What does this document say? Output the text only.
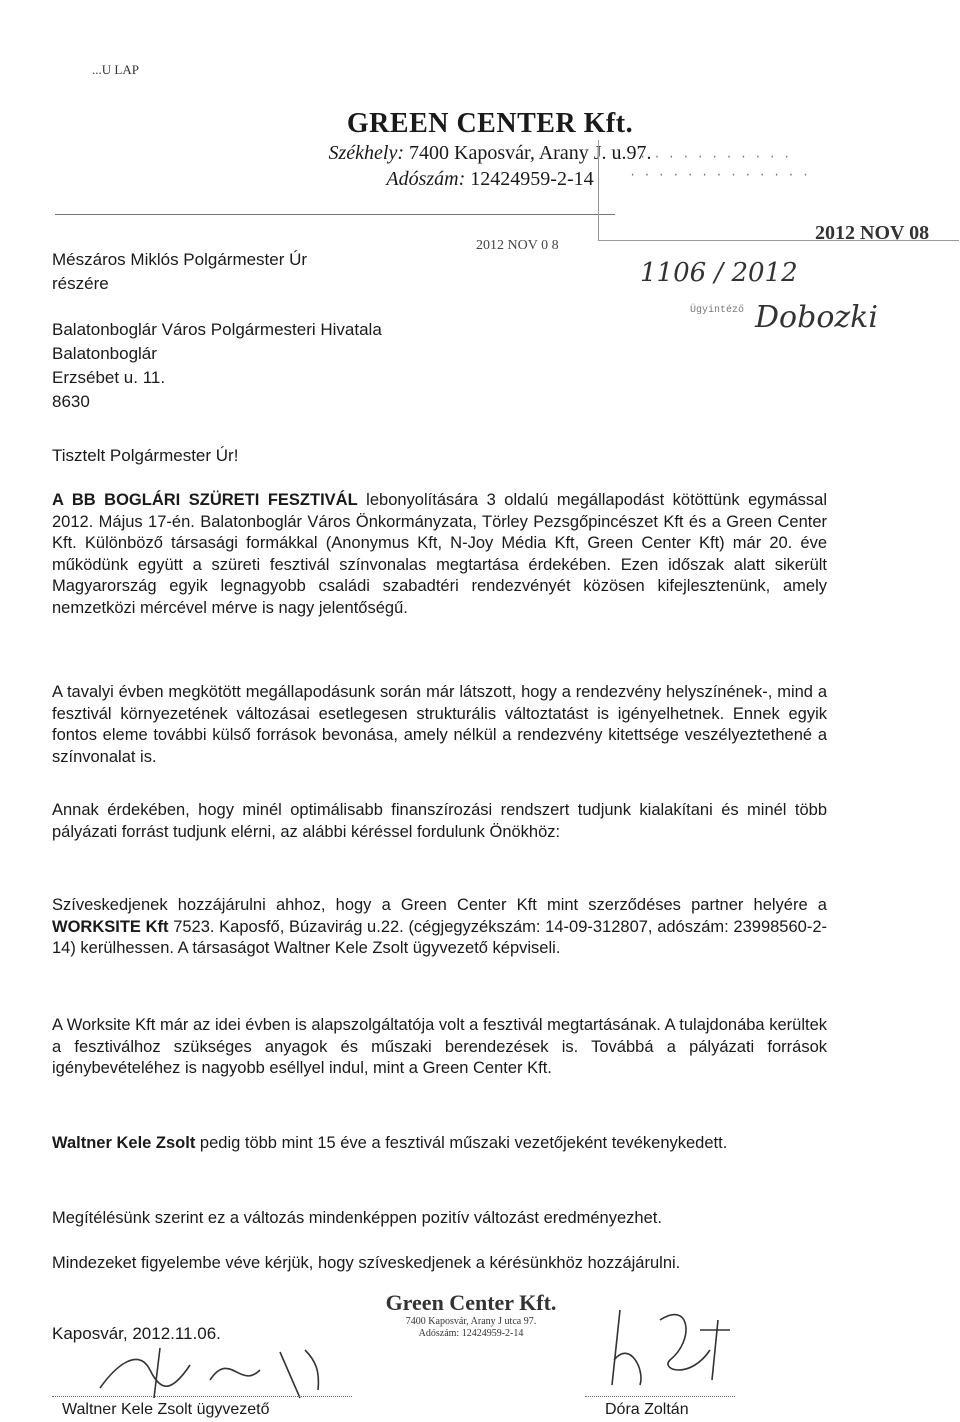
...U LAP
GREEN CENTER Kft.
Székhely: 7400 Kaposvár, Arany J. u.97.
Adószám: 12424959-2-14
· · · · · · · · · · ·
· · · · · · · · · · · · ·
2012 NOV 0 8
2012 NOV 08
1106 / 2012
Ügyintéző Dobozki
Mészáros Miklós Polgármester Úr
részére
Balatonboglár Város Polgármesteri Hivatala
Balatonboglár
Erzsébet u. 11.
8630
Tisztelt Polgármester Úr!

A BB BOGLÁRI SZÜRETI FESZTIVÁL lebonyolítására 3 oldalú megállapodást kötöttünk egymással 2012. Május 17-én. Balatonboglár Város Önkormányzata, Törley Pezsgőpincészet Kft és a Green Center Kft. Különböző társasági formákkal (Anonymus Kft, N-Joy Média Kft, Green Center Kft) már 20. éve működünk együtt a szüreti fesztivál színvonalas megtartása érdekében. Ezen időszak alatt sikerült Magyarország egyik legnagyobb családi szabadtéri rendezvényét közösen kifejlesztenünk, amely nemzetközi mércével mérve is nagy jelentőségű.

A tavalyi évben megkötött megállapodásunk során már látszott, hogy a rendezvény helyszínének-, mind a fesztivál környezetének változásai esetlegesen strukturális változtatást is igényelhetnek. Ennek egyik fontos eleme további külső források bevonása, amely nélkül a rendezvény kitettsége veszélyeztethené a színvonalat is.

Annak érdekében, hogy minél optimálisabb finanszírozási rendszert tudjunk kialakítani és minél több pályázati forrást tudjunk elérni, az alábbi kéréssel fordulunk Önökhöz:

Szíveskedjenek hozzájárulni ahhoz, hogy a Green Center Kft mint szerződéses partner helyére a WORKSITE Kft 7523. Kaposfő, Búzavirág u.22. (cégjegyzékszám: 14-09-312807, adószám: 23998560-2-14) kerülhessen. A társaságot Waltner Kele Zsolt ügyvezető képviseli.

A Worksite Kft már az idei évben is alapszolgáltatója volt a fesztivál megtartásának. A tulajdonába kerültek a fesztiválhoz szükséges anyagok és műszaki berendezések is. Továbbá a pályázati források igénybevételéhez is nagyobb eséllyel indul, mint a Green Center Kft.

Waltner Kele Zsolt pedig több mint 15 éve a fesztivál műszaki vezetőjeként tevékenykedett.

Megítélésünk szerint ez a változás mindenképpen pozitív változást eredményezhet.

Mindezeket figyelembe véve kérjük, hogy szíveskedjenek a kérésünkhöz hozzájárulni.

Kaposvár, 2012.11.06.
Green Center Kft.
7400 Kaposvár, Arany J utca 97.
Adószám: 12424959-2-14
Waltner Kele Zsolt ügyvezető	Dóra Zoltán
